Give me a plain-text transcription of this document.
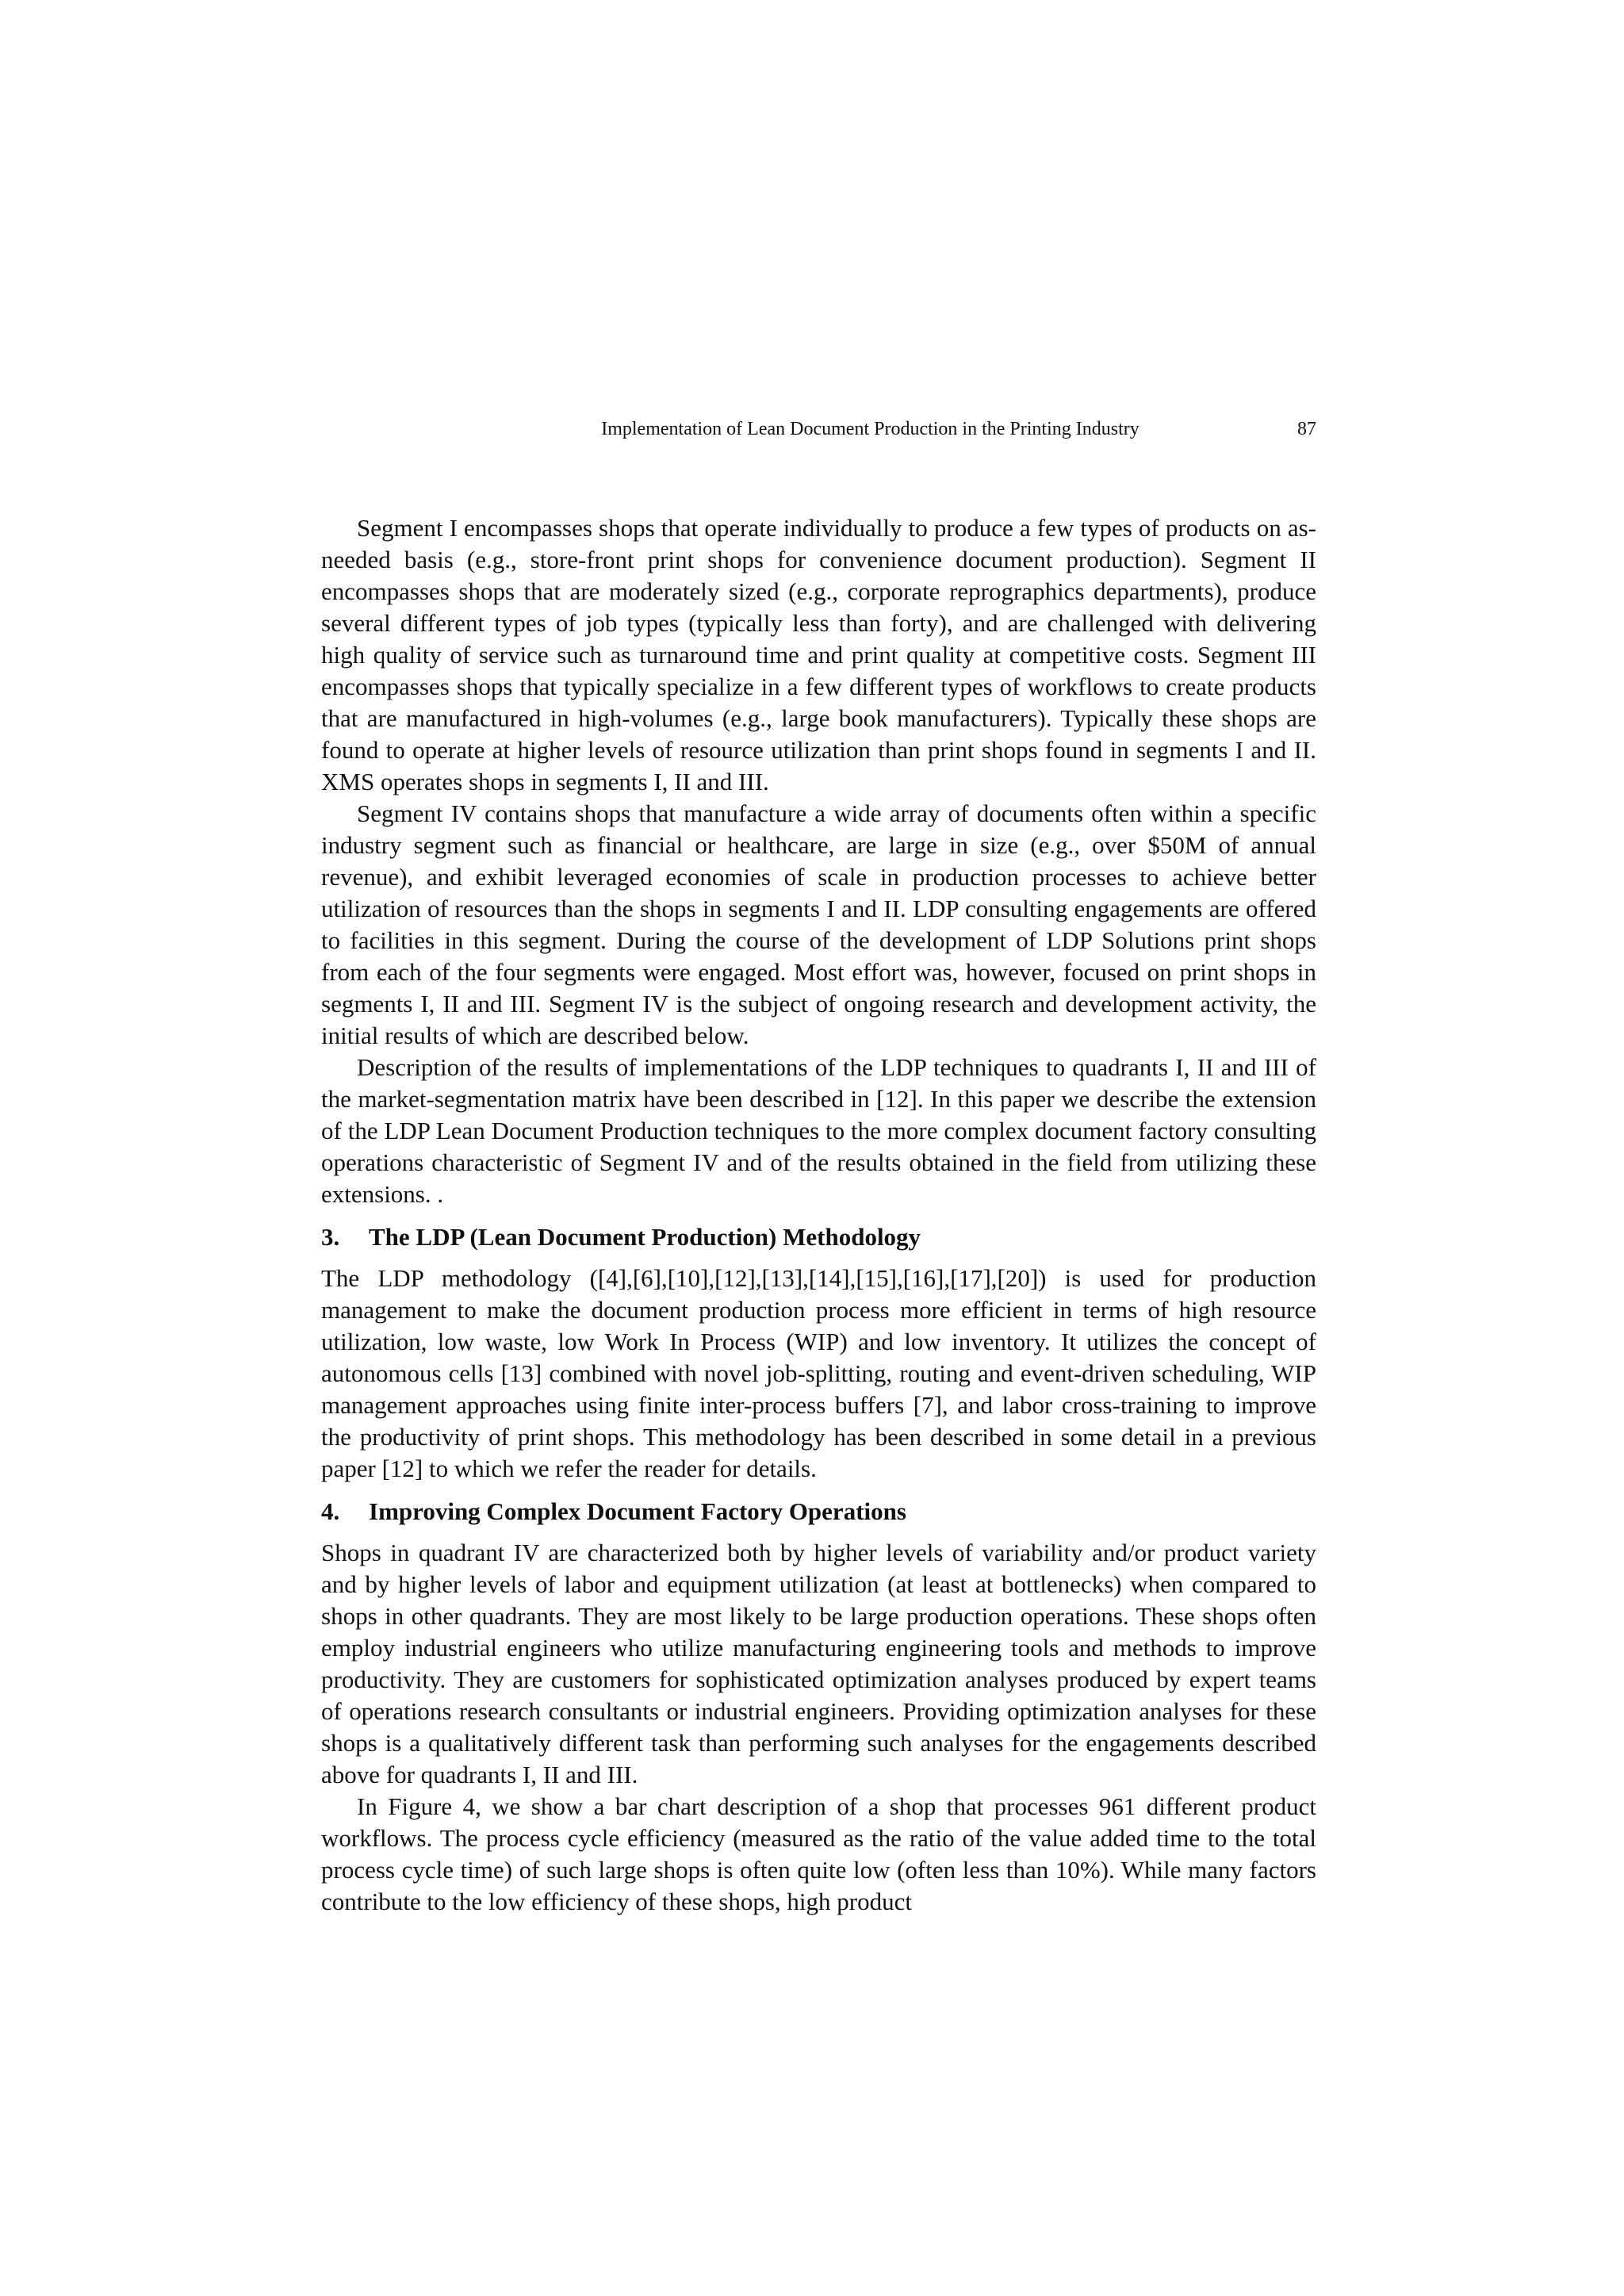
Implementation of Lean Document Production in the Printing Industry	87

Segment I encompasses shops that operate individually to produce a few types of products on as-needed basis (e.g., store-front print shops for convenience document production). Segment II encompasses shops that are moderately sized (e.g., corporate reprographics departments), produce several different types of job types (typically less than forty), and are challenged with delivering high quality of service such as turnaround time and print quality at competitive costs. Segment III encompasses shops that typically specialize in a few different types of workflows to create products that are manufactured in high-volumes (e.g., large book manufacturers). Typically these shops are found to operate at higher levels of resource utilization than print shops found in segments I and II. XMS operates shops in segments I, II and III.

Segment IV contains shops that manufacture a wide array of documents often within a specific industry segment such as financial or healthcare, are large in size (e.g., over $50M of annual revenue), and exhibit leveraged economies of scale in production processes to achieve better utilization of resources than the shops in segments I and II. LDP consulting engagements are offered to facilities in this segment. During the course of the development of LDP Solutions print shops from each of the four segments were engaged. Most effort was, however, focused on print shops in segments I, II and III. Segment IV is the subject of ongoing research and development activity, the initial results of which are described below.

Description of the results of implementations of the LDP techniques to quadrants I, II and III of the market-segmentation matrix have been described in [12]. In this paper we describe the extension of the LDP Lean Document Production techniques to the more complex document factory consulting operations characteristic of Segment IV and of the results obtained in the field from utilizing these extensions. .

3. The LDP (Lean Document Production) Methodology

The LDP methodology ([4],[6],[10],[12],[13],[14],[15],[16],[17],[20]) is used for production management to make the document production process more efficient in terms of high resource utilization, low waste, low Work In Process (WIP) and low inventory. It utilizes the concept of autonomous cells [13] combined with novel job-splitting, routing and event-driven scheduling, WIP management approaches using finite inter-process buffers [7], and labor cross-training to improve the productivity of print shops. This methodology has been described in some detail in a previous paper [12] to which we refer the reader for details.

4. Improving Complex Document Factory Operations

Shops in quadrant IV are characterized both by higher levels of variability and/or product variety and by higher levels of labor and equipment utilization (at least at bottlenecks) when compared to shops in other quadrants. They are most likely to be large production operations. These shops often employ industrial engineers who utilize manufacturing engineering tools and methods to improve productivity. They are customers for sophisticated optimization analyses produced by expert teams of operations research consultants or industrial engineers. Providing optimization analyses for these shops is a qualitatively different task than performing such analyses for the engagements described above for quadrants I, II and III.

In Figure 4, we show a bar chart description of a shop that processes 961 different product workflows. The process cycle efficiency (measured as the ratio of the value added time to the total process cycle time) of such large shops is often quite low (often less than 10%). While many factors contribute to the low efficiency of these shops, high product
